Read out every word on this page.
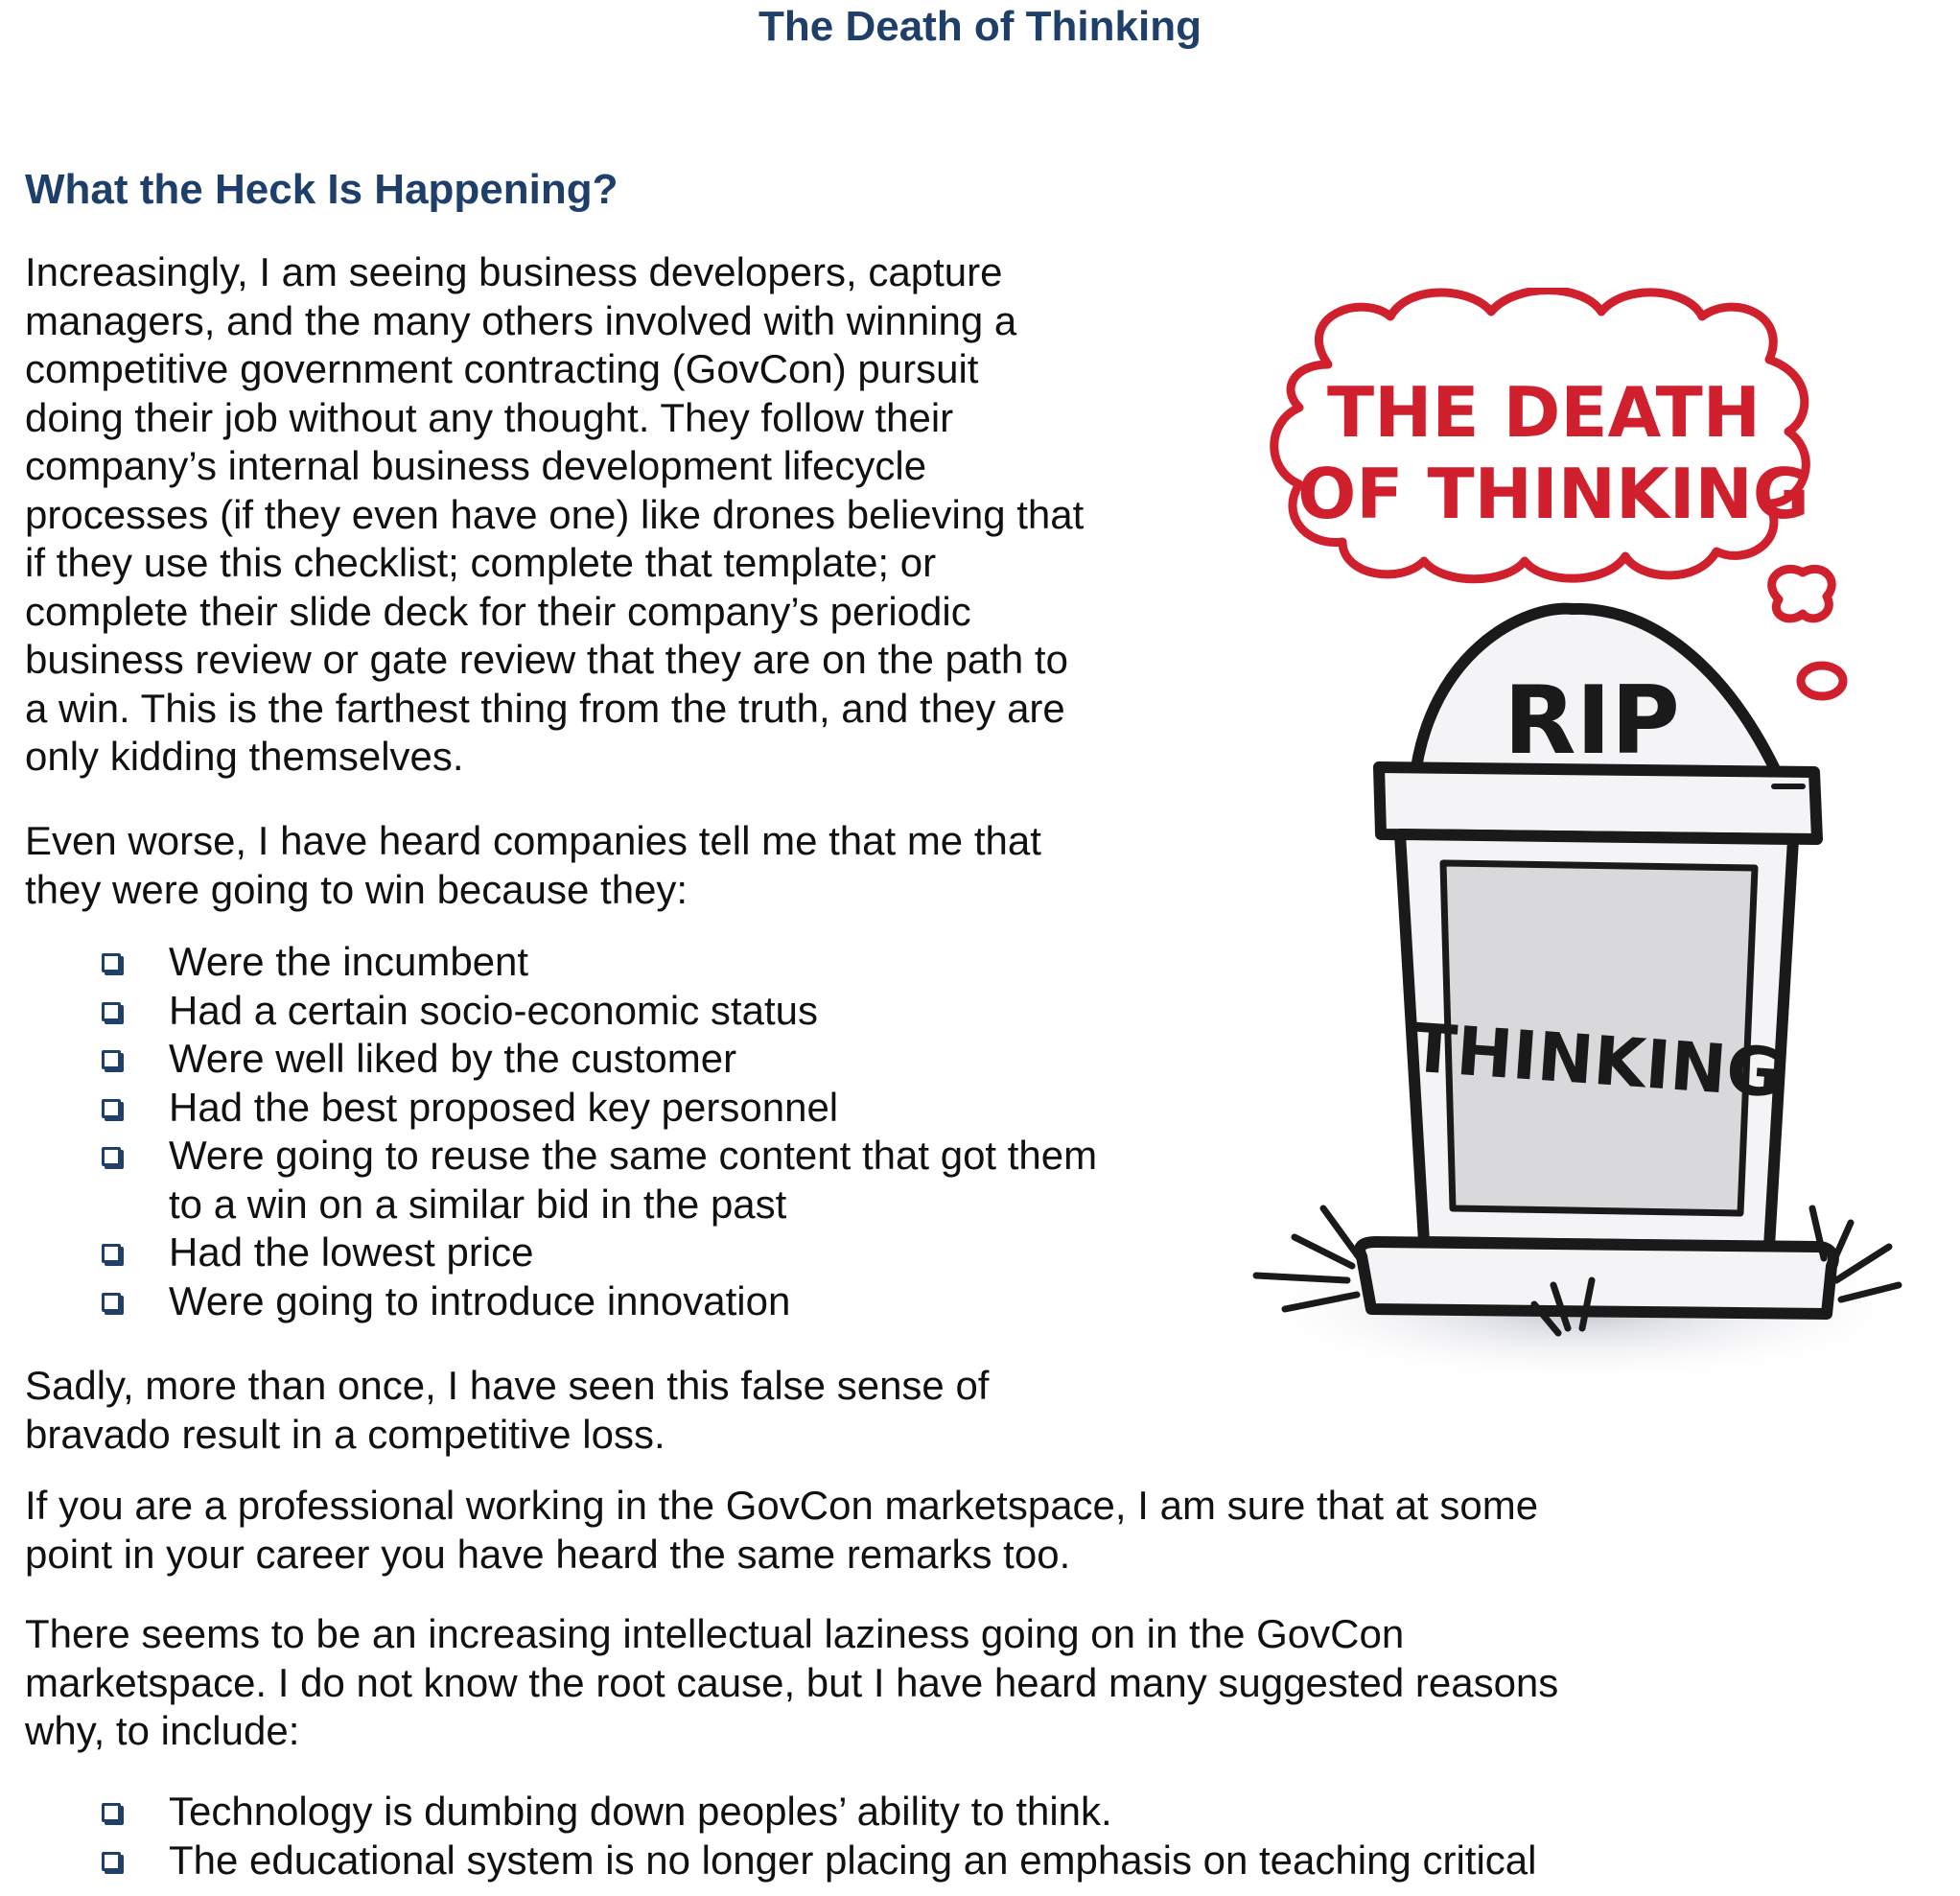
The Death of Thinking
What the Heck Is Happening?

Increasingly, I am seeing business developers, capture
managers, and the many others involved with winning a
competitive government contracting (GovCon) pursuit
doing their job without any thought. They follow their
company’s internal business development lifecycle
processes (if they even have one) like drones believing that
if they use this checklist; complete that template; or
complete their slide deck for their company’s periodic
business review or gate review that they are on the path to
a win. This is the farthest thing from the truth, and they are
only kidding themselves.

Even worse, I have heard companies tell me that me that
they were going to win because they:

Were the incumbent
Had a certain socio-economic status
Were well liked by the customer
Had the best proposed key personnel
Were going to reuse the same content that got them
to a win on a similar bid in the past
Had the lowest price
Were going to introduce innovation

Sadly, more than once, I have seen this false sense of
bravado result in a competitive loss.

If you are a professional working in the GovCon marketspace, I am sure that at some
point in your career you have heard the same remarks too.

There seems to be an increasing intellectual laziness going on in the GovCon
marketspace. I do not know the root cause, but I have heard many suggested reasons
why, to include:

Technology is dumbing down peoples’ ability to think.
The educational system is no longer placing an emphasis on teaching critical
THE DEATH
OF THINKING
RIP
THINKING
